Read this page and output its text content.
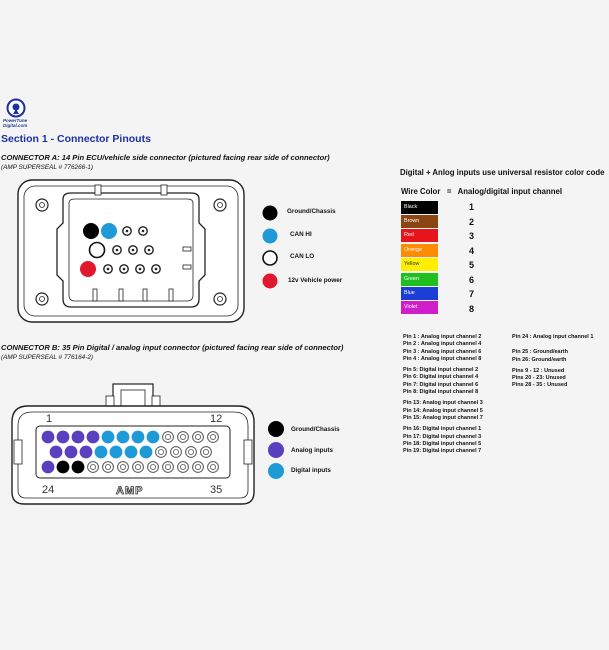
PowerTune
Digital.com
Section 1 - Connector Pinouts
CONNECTOR A: 14 Pin ECU/vehicle side connector (pictured facing rear side of connector)
(AMP SUPERSEAL # 776266-1)
Ground/Chassis
CAN HI
CAN LO
12v Vehicle power
CONNECTOR B: 35 Pin Digital / analog input connector (pictured facing rear side of connector)
(AMP SUPERSEAL # 776164-2)
1	12
24	35
AMP
Ground/Chassis
Analog inputs
Digital inputs
Digital + Anlog inputs use universal resistor color code
Wire Color = Analog/digital input channel
Black	1
Brown	2
Red	3
Orange	4
Yellow	5
Green	6
Blue	7
Violet	8
Pin 1 : Analog input channel 2
Pin 2 : Analog input channel 4
Pin 3 : Analog input channel 6
Pin 4 : Analog input channel 8
Pin 5: Digital input channel 2
Pin 6: Digital input channel 4
Pin 7: Digital input channel 6
Pin 8: Digital input channel 8
Pin 13: Analog input channel 3
Pin 14: Analog input channel 5
Pin 15: Analog input channel 7
Pin 16: Digital input channel 1
Pin 17: Digital input channel 3
Pin 18: Digital input channel 5
Pin 19: Digital input channel 7
Pin 24 : Analog input channel 1
Pin 25 : Ground/earth
Pin 26: Ground/earth
Pins 9 - 12 : Unused
Pins 20 - 23: Unused
Pins 28 - 35 : Unused
